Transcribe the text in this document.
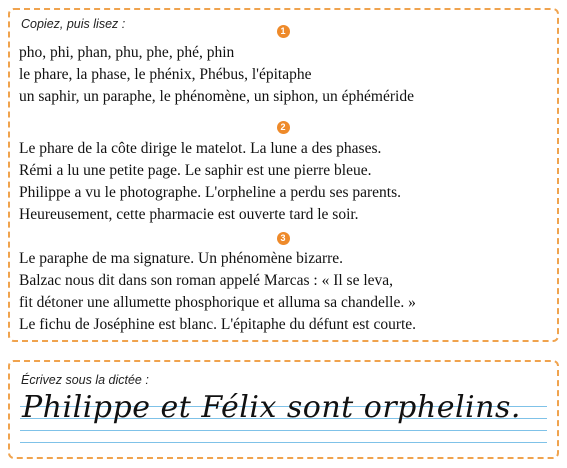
Copiez, puis lisez :	1
pho, phi, phan, phu, phe, phé, phin
le phare, la phase, le phénix, Phébus, l'épitaphe
un saphir, un paraphe, le phénomène, un siphon, un éphéméride
2
Le phare de la côte dirige le matelot. La lune a des phases.
Rémi a lu une petite page. Le saphir est une pierre bleue.
Philippe a vu le photographe. L'orpheline a perdu ses parents.
Heureusement, cette pharmacie est ouverte tard le soir.
3
Le paraphe de ma signature. Un phénomène bizarre.
Balzac nous dit dans son roman appelé Marcas : « Il se leva,
fit détoner une allumette phosphorique et alluma sa chandelle. »
Le fichu de Joséphine est blanc. L'épitaphe du défunt est courte.
Écrivez sous la dictée :
Philippe et Félix sont orphelins.
